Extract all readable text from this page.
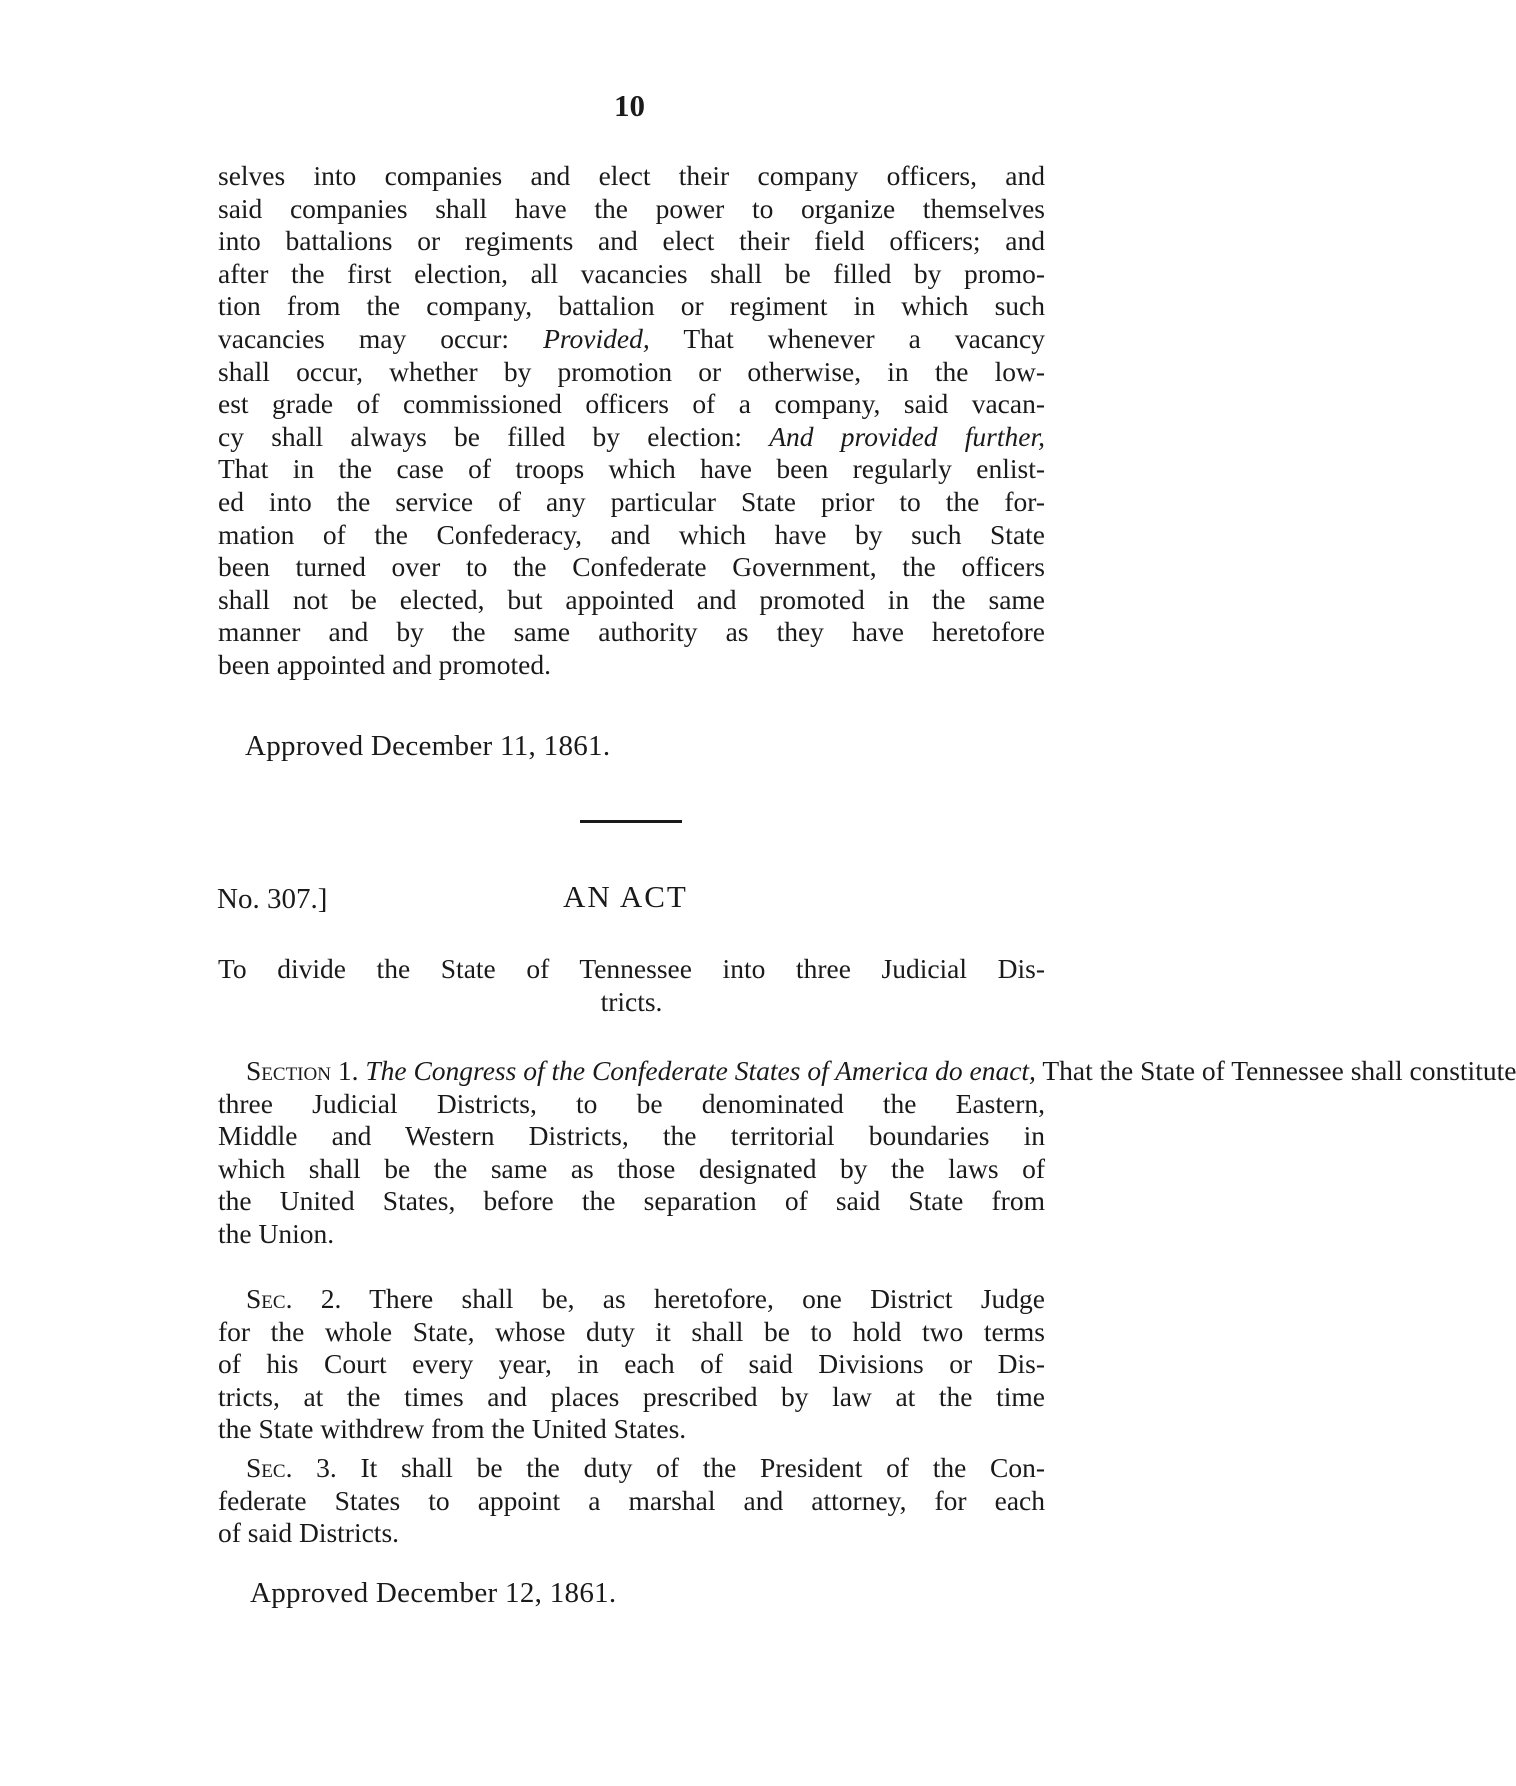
10
selves into companies and elect their company officers, and
said companies shall have the power to organize themselves
into battalions or regiments and elect their field officers; and
after the first election, all vacancies shall be filled by promo-
tion from the company, battalion or regiment in which such
vacancies may occur: Provided, That whenever a vacancy
shall occur, whether by promotion or otherwise, in the low-
est grade of commissioned officers of a company, said vacan-
cy shall always be filled by election: And provided further,
That in the case of troops which have been regularly enlist-
ed into the service of any particular State prior to the for-
mation of the Confederacy, and which have by such State
been turned over to the Confederate Government, the officers
shall not be elected, but appointed and promoted in the same
manner and by the same authority as they have heretofore
been appointed and promoted.
Approved December 11, 1861.
No. 307.]	AN ACT
To divide the State of Tennessee into three Judicial Dis-
tricts.
Section 1. The Congress of the Confederate States of America do enact, That the State of Tennessee shall constitute
three Judicial Districts, to be denominated the Eastern,
Middle and Western Districts, the territorial boundaries in
which shall be the same as those designated by the laws of
the United States, before the separation of said State from
the Union.
Sec. 2. There shall be, as heretofore, one District Judge
for the whole State, whose duty it shall be to hold two terms
of his Court every year, in each of said Divisions or Dis-
tricts, at the times and places prescribed by law at the time
the State withdrew from the United States.
Sec. 3. It shall be the duty of the President of the Con-
federate States to appoint a marshal and attorney, for each
of said Districts.
Approved December 12, 1861.
